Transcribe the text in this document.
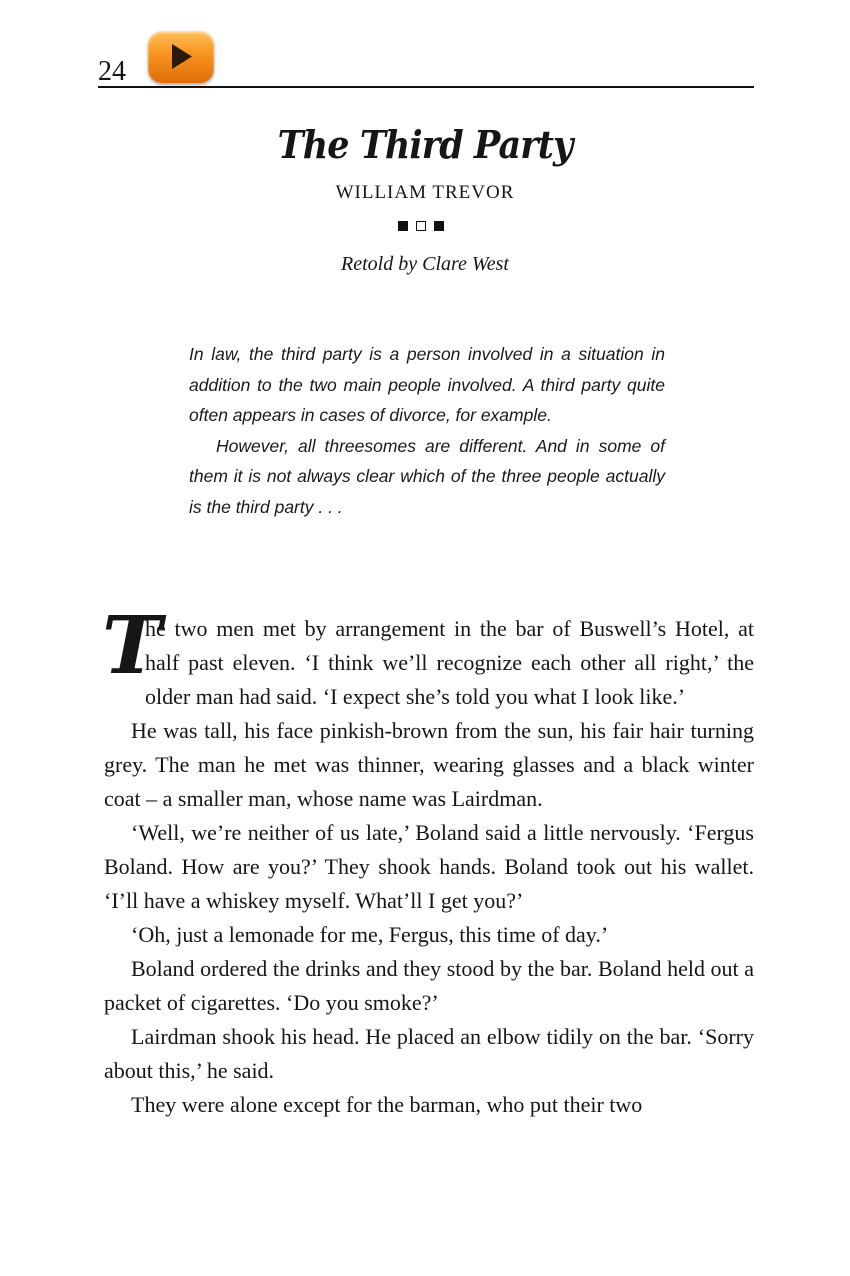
24
The Third Party
WILLIAM TREVOR
Retold by Clare West

In law, the third party is a person involved in a situation in addition to the two main people involved. A third party quite often appears in cases of divorce, for example.

However, all threesomes are different. And in some of them it is not always clear which of the three people actually is the third party . . .

T
he two men met by arrangement in the bar of Buswell’s Hotel, at half past eleven. ‘I think we’ll recognize each other all right,’ the older man had said. ‘I expect she’s told you what I look like.’

He was tall, his face pinkish-brown from the sun, his fair hair turning grey. The man he met was thinner, wearing glasses and a black winter coat – a smaller man, whose name was Lairdman.

‘Well, we’re neither of us late,’ Boland said a little nervously. ‘Fergus Boland. How are you?’ They shook hands. Boland took out his wallet. ‘I’ll have a whiskey myself. What’ll I get you?’

‘Oh, just a lemonade for me, Fergus, this time of day.’

Boland ordered the drinks and they stood by the bar. Boland held out a packet of cigarettes. ‘Do you smoke?’

Lairdman shook his head. He placed an elbow tidily on the bar. ‘Sorry about this,’ he said.

They were alone except for the barman, who put their two
